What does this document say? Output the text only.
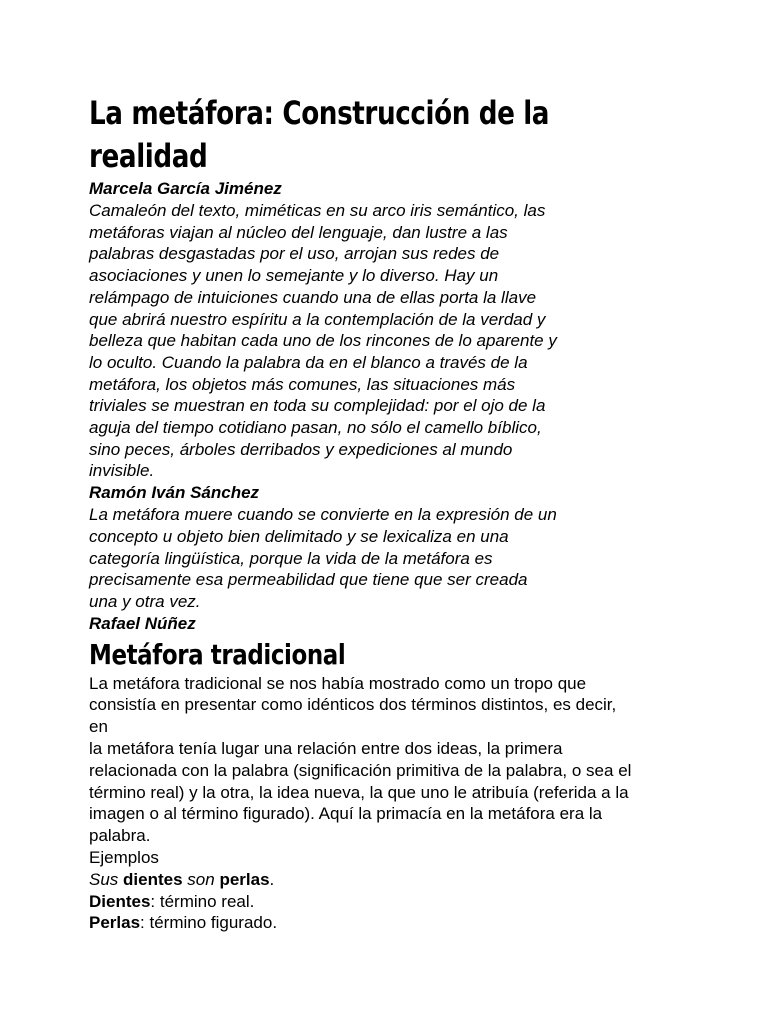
La metáfora: Construcción de la
realidad

Marcela García Jiménez

Camaleón del texto, miméticas en su arco iris semántico, las
metáforas viajan al núcleo del lenguaje, dan lustre a las
palabras desgastadas por el uso, arrojan sus redes de
asociaciones y unen lo semejante y lo diverso. Hay un
relámpago de intuiciones cuando una de ellas porta la llave
que abrirá nuestro espíritu a la contemplación de la verdad y
belleza que habitan cada uno de los rincones de lo aparente y
lo oculto. Cuando la palabra da en el blanco a través de la
metáfora, los objetos más comunes, las situaciones más
triviales se muestran en toda su complejidad: por el ojo de la
aguja del tiempo cotidiano pasan, no sólo el camello bíblico,
sino peces, árboles derribados y expediciones al mundo
invisible.

Ramón Iván Sánchez

La metáfora muere cuando se convierte en la expresión de un
concepto u objeto bien delimitado y se lexicaliza en una
categoría lingüística, porque la vida de la metáfora es
precisamente esa permeabilidad que tiene que ser creada
una y otra vez.

Rafael Núñez

Metáfora tradicional

La metáfora tradicional se nos había mostrado como un tropo que
consistía en presentar como idénticos dos términos distintos, es decir,
en
la metáfora tenía lugar una relación entre dos ideas, la primera
relacionada con la palabra (significación primitiva de la palabra, o sea el
término real) y la otra, la idea nueva, la que uno le atribuía (referida a la
imagen o al término figurado). Aquí la primacía en la metáfora era la
palabra.
Ejemplos
Sus dientes son perlas.
Dientes: término real.
Perlas: término figurado.
